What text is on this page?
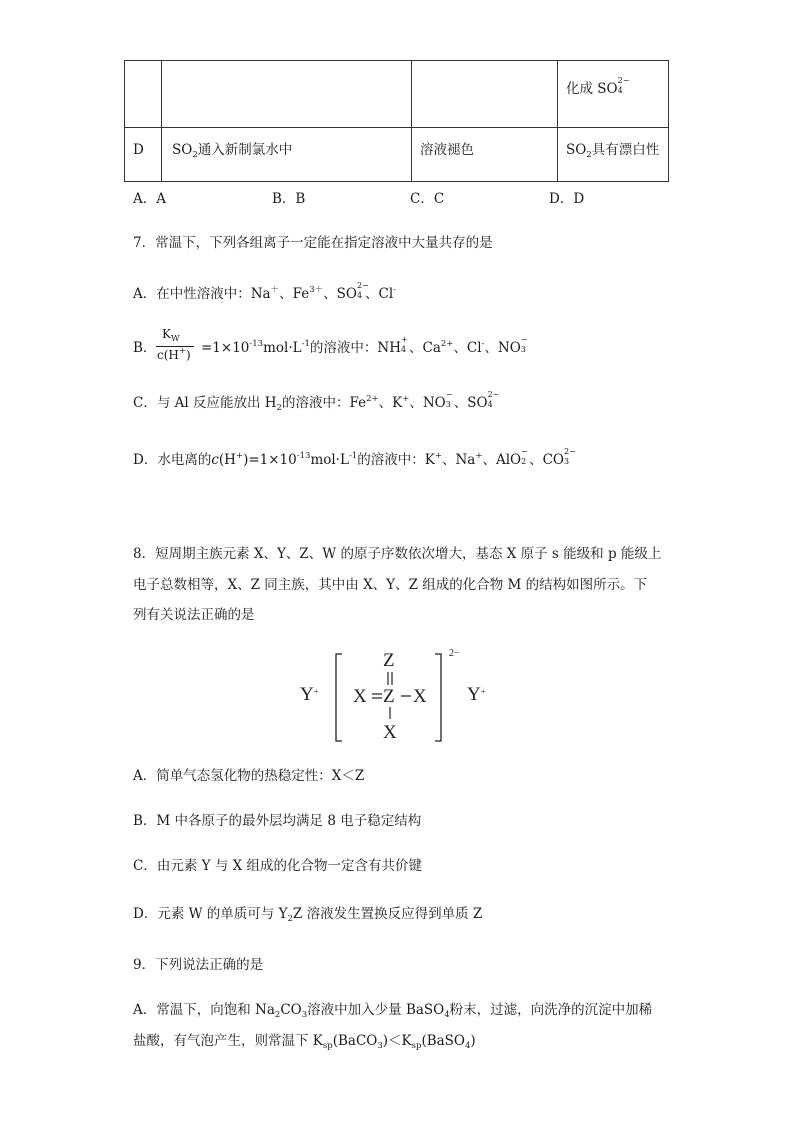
化成 SO
2−
4
D $SO_2$通入新制氯水中	溶液褪色	$SO_2$具有漂白性
A．A	B．B	C．C	D．D
7．常温下，下列各组离子一定能在指定溶液中大量共存的是
A．在中性溶液中：Na＋、$Fe^{3+}$、SO
2−
4 、Cl-
B．
$K_W$
$c(H^+) =1\times 10^{-13}mol\cdot L^{-1}$的溶液中：NH
+
4 、$Ca^{2+}$、Cl-、NO
−
3
C．与 Al 反应能放出 $H_2$的溶液中：$Fe^{2+}$、K+、NO
−
3 、SO
2−
4
D．水电离的$c(H^+)=1\times 10^{-13}mol\cdot L^{-1}$的溶液中：K+、Na+、AlO
−
2 、CO
2−
3
8．短周期主族元素 X、Y、Z、W 的原子序数依次增大，基态 X 原子 s 能级和 p 能级上
电子总数相等，X、Z 同主族，其中由 X、Y、Z 组成的化合物 M 的结构如图所示。下
列有关说法正确的是
Y+
Z
X Z X
X
2−
Y+
A．简单气态氢化物的热稳定性：X＜Z
B．M 中各原子的最外层均满足 8 电子稳定结构
C．由元素 Y 与 X 组成的化合物一定含有共价键
D．元素 W 的单质可与 $Y_2Z$ 溶液发生置换反应得到单质 Z
9．下列说法正确的是
A．常温下，向饱和 $Na_2CO_3$溶液中加入少量 BaSO$_4$粉末，过滤，向洗净的沉淀中加稀
盐酸，有气泡产生，则常温下 $K_{sp}(BaCO_3)<K_{sp}(BaSO_4)$
